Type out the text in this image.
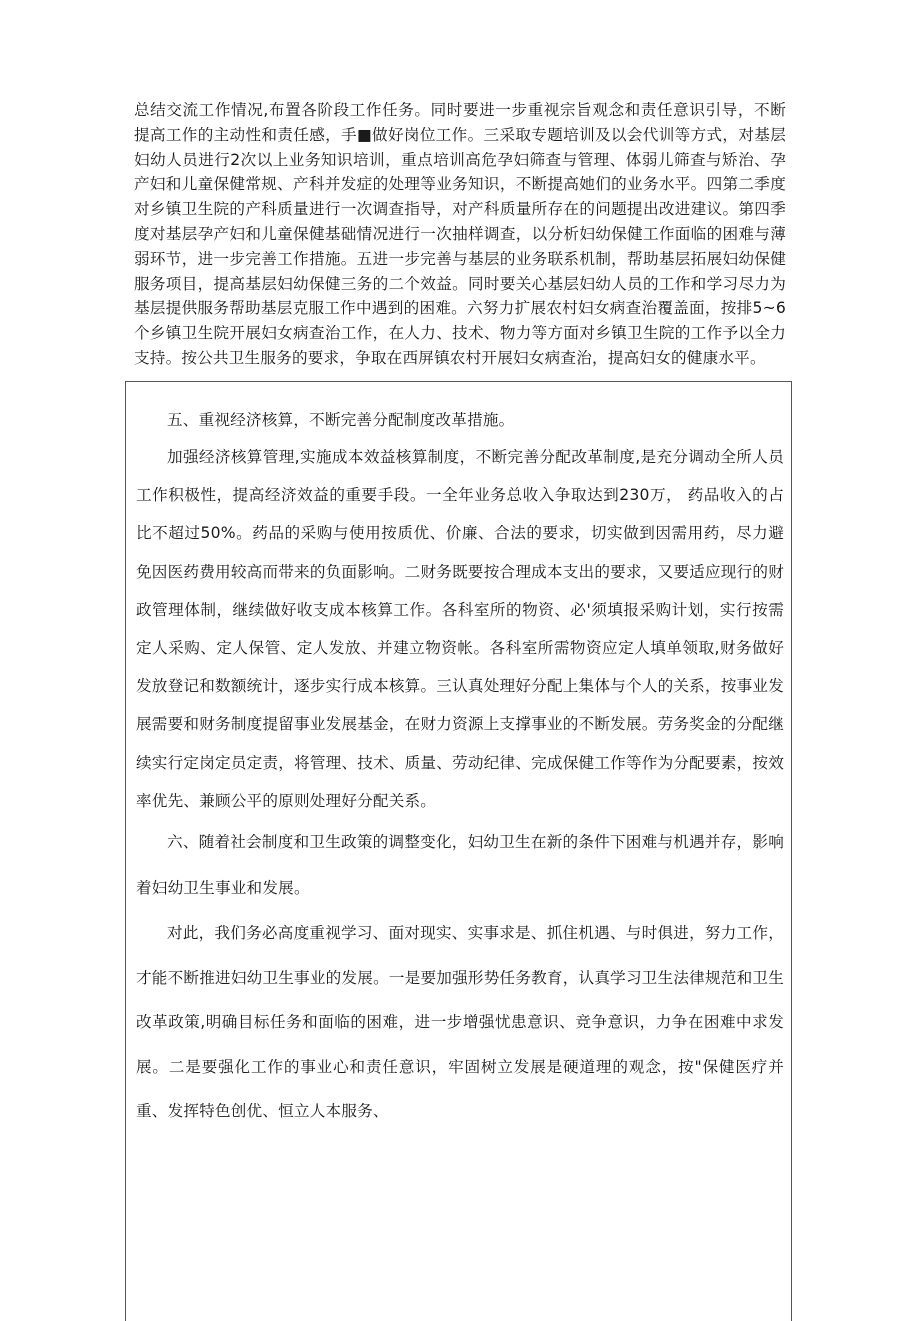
总结交流工作情况,布置各阶段工作任务。同时要进一步重视宗旨观念和责任意识引导，不断提高工作的主动性和责任感，手■做好岗位工作。三采取专题培训及以会代训等方式，对基层妇幼人员进行2次以上业务知识培训，重点培训高危孕妇筛查与管理、体弱儿筛查与矫治、孕产妇和儿童保健常规、产科并发症的处理等业务知识，不断提高她们的业务水平。四第二季度对乡镇卫生院的产科质量进行一次调查指导，对产科质量所存在的问题提出改进建议。第四季度对基层孕产妇和儿童保健基础情况进行一次抽样调查，以分析妇幼保健工作面临的困难与薄弱环节，进一步完善工作措施。五进一步完善与基层的业务联系机制，帮助基层拓展妇幼保健服务项目，提高基层妇幼保健三务的二个效益。同时要关心基层妇幼人员的工作和学习尽力为基层提供服务帮助基层克服工作中遇到的困难。六努力扩展农村妇女病查治覆盖面，按排5~6个乡镇卫生院开展妇女病查治工作，在人力、技术、物力等方面对乡镇卫生院的工作予以全力支持。按公共卫生服务的要求，争取在西屏镇农村开展妇女病查治，提高妇女的健康水平。

五、重视经济核算，不断完善分配制度改革措施。

加强经济核算管理,实施成本效益核算制度，不断完善分配改革制度,是充分调动全所人员工作积极性，提高经济效益的重要手段。一全年业务总收入争取达到230万， 药品收入的占比不超过50%。药品的采购与使用按质优、价廉、合法的要求，切实做到因需用药，尽力避免因医药费用较高而带来的负面影响。二财务既要按合理成本支出的要求，又要适应现行的财政管理体制，继续做好收支成本核算工作。各科室所的物资、必'须填报采购计划，实行按需定人采购、定人保管、定人发放、并建立物资帐。各科室所需物资应定人填单领取,财务做好发放登记和数额统计，逐步实行成本核算。三认真处理好分配上集体与个人的关系，按事业发展需要和财务制度提留事业发展基金，在财力资源上支撑事业的不断发展。劳务奖金的分配继续实行定岗定员定责，将管理、技术、质量、劳动纪律、完成保健工作等作为分配要素，按效率优先、兼顾公平的原则处理好分配关系。

六、随着社会制度和卫生政策的调整变化，妇幼卫生在新的条件下困难与机遇并存，影响着妇幼卫生事业和发展。

对此，我们务必高度重视学习、面对现实、实事求是、抓住机遇、与时俱进，努力工作，才能不断推进妇幼卫生事业的发展。一是要加强形势任务教育，认真学习卫生法律规范和卫生改革政策,明确目标任务和面临的困难，进一步增强忧患意识、竞争意识，力争在困难中求发展。二是要强化工作的事业心和责任意识，牢固树立发展是硬道理的观念，按"保健医疗并重、发挥特色创优、恒立人本服务、
